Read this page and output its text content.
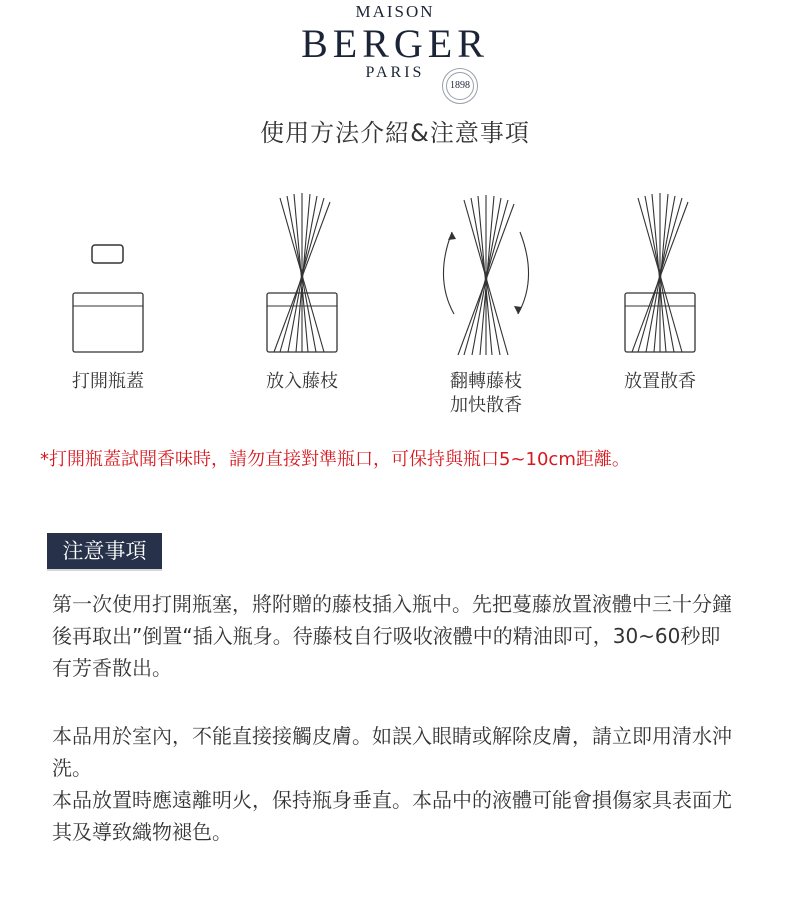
MAISON
BERGER
PARIS
1898
使用方法介紹&注意事項
打開瓶蓋	放入藤枝	翻轉藤枝
加快散香
放置散香
*打開瓶蓋試聞香味時，請勿直接對準瓶口，可保持與瓶口5~10cm距離。
注意事項
第一次使用打開瓶塞，將附贈的藤枝插入瓶中。先把蔓藤放置液體中三十分鐘後再取出”倒置“插入瓶身。待藤枝自行吸收液體中的精油即可，30~60秒即有芳香散出。
本品用於室內，不能直接接觸皮膚。如誤入眼睛或解除皮膚，請立即用清水沖洗。
本品放置時應遠離明火，保持瓶身垂直。本品中的液體可能會損傷家具表面尤其及導致織物褪色。
